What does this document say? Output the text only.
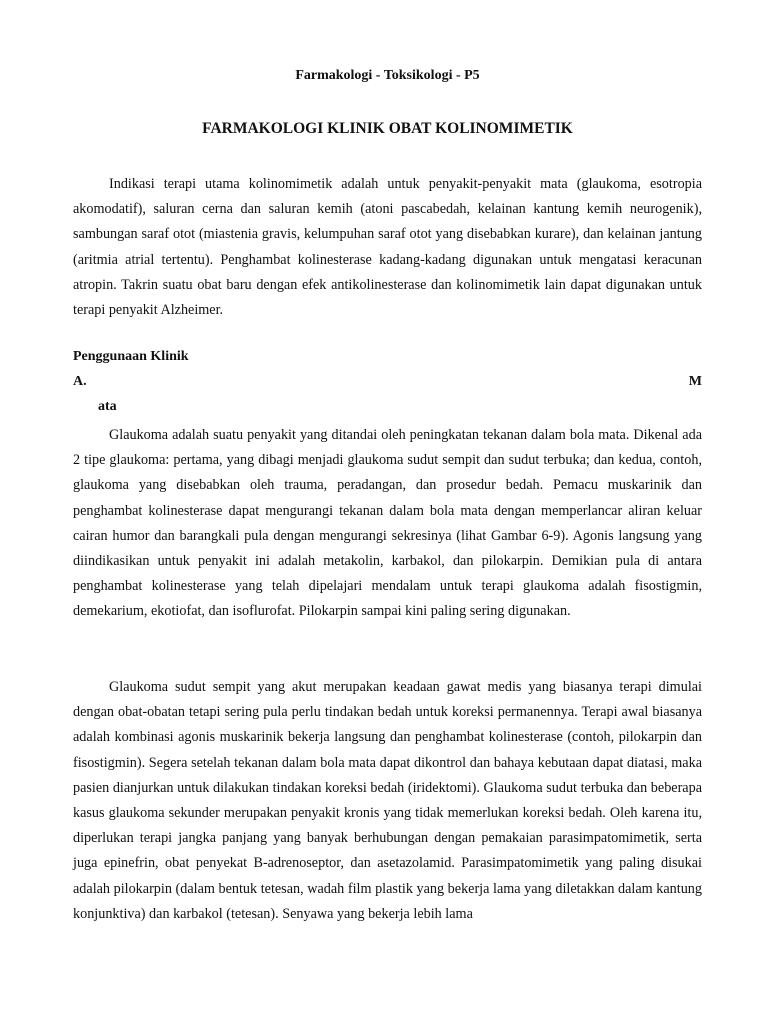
Farmakologi - Toksikologi - P5
FARMAKOLOGI KLINIK OBAT KOLINOMIMETIK

Indikasi terapi utama kolinomimetik adalah untuk penyakit-penyakit mata (glaukoma, esotropia akomodatif), saluran cerna dan saluran kemih (atoni pascabedah, kelainan kantung kemih neurogenik), sambungan saraf otot (miastenia gravis, kelumpuhan saraf otot yang disebabkan kurare), dan kelainan jantung (aritmia atrial tertentu). Penghambat kolinesterase kadang-kadang digunakan untuk mengatasi keracunan atropin. Takrin suatu obat baru dengan efek antikolinesterase dan kolinomimetik lain dapat digunakan untuk terapi penyakit Alzheimer.

Penggunaan Klinik
A.	M
ata

Glaukoma adalah suatu penyakit yang ditandai oleh peningkatan tekanan dalam bola mata. Dikenal ada 2 tipe glaukoma: pertama, yang dibagi menjadi glaukoma sudut sempit dan sudut terbuka; dan kedua, contoh, glaukoma yang disebabkan oleh trauma, peradangan, dan prosedur bedah. Pemacu muskarinik dan penghambat kolinesterase dapat mengurangi tekanan dalam bola mata dengan memperlancar aliran keluar cairan humor dan barangkali pula dengan mengurangi sekresinya (lihat Gambar 6-9). Agonis langsung yang diindikasikan untuk penyakit ini adalah metakolin, karbakol, dan pilokarpin. Demikian pula di antara penghambat kolinesterase yang telah dipelajari mendalam untuk terapi glaukoma adalah fisostigmin, demekarium, ekotiofat, dan isoflurofat. Pilokarpin sampai kini paling sering digunakan.

Glaukoma sudut sempit yang akut merupakan keadaan gawat medis yang biasanya terapi dimulai dengan obat-obatan tetapi sering pula perlu tindakan bedah untuk koreksi permanennya. Terapi awal biasanya adalah kombinasi agonis muskarinik bekerja langsung dan penghambat kolinesterase (contoh, pilokarpin dan fisostigmin). Segera setelah tekanan dalam bola mata dapat dikontrol dan bahaya kebutaan dapat diatasi, maka pasien dianjurkan untuk dilakukan tindakan koreksi bedah (iridektomi). Glaukoma sudut terbuka dan beberapa kasus glaukoma sekunder merupakan penyakit kronis yang tidak memerlukan koreksi bedah. Oleh karena itu, diperlukan terapi jangka panjang yang banyak berhubungan dengan pemakaian parasimpatomimetik, serta juga epinefrin, obat penyekat B-adrenoseptor, dan asetazolamid. Parasimpatomimetik yang paling disukai adalah pilokarpin (dalam bentuk tetesan, wadah film plastik yang bekerja lama yang diletakkan dalam kantung konjunktiva) dan karbakol (tetesan). Senyawa yang bekerja lebih lama
